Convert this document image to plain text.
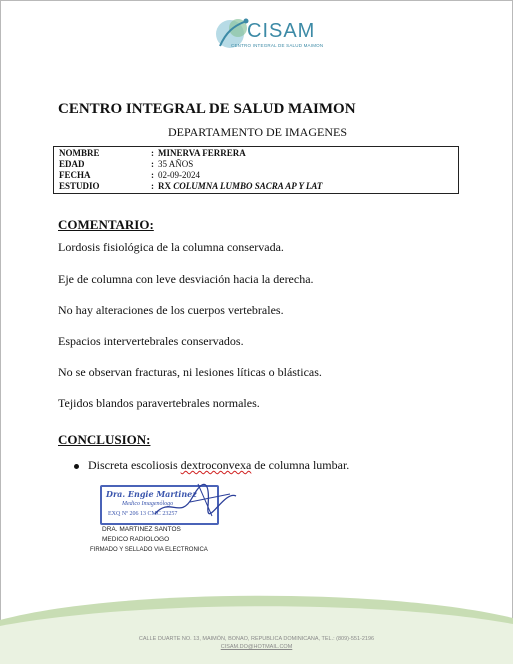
CISAM
CENTRO INTEGRAL DE SALUD MAIMON
CENTRO INTEGRAL DE SALUD MAIMON
DEPARTAMENTO DE IMAGENES
NOMBRE	: MINERVA FERRERA
EDAD	: 35 AÑOS
FECHA	: 02-09-2024
ESTUDIO	: RX COLUMNA LUMBO SACRA AP Y LAT
COMENTARIO:
Lordosis fisiológica de la columna conservada.
Eje de columna con leve desviación hacia la derecha.
No hay alteraciones de los cuerpos vertebrales.
Espacios intervertebrales conservados.
No se observan fracturas, ni lesiones líticas o blásticas.
Tejidos blandos paravertebrales normales.
CONCLUSION:
Discreta escoliosis dextroconvexa de columna lumbar.
Dra. Engie Martinez
Medico Imagenólogo
EXQ Nº 206 13 CMC 23257
DRA. MARTINEZ SANTOS
MEDICO RADIOLOGO
FIRMADO Y SELLADO VIA ELECTRONICA
CALLE DUARTE NO. 13, MAIMÓN, BONAO, REPUBLICA DOMINICANA, TEL.: (809)-551-2196
CISAM.DO@HOTMAIL.COM
